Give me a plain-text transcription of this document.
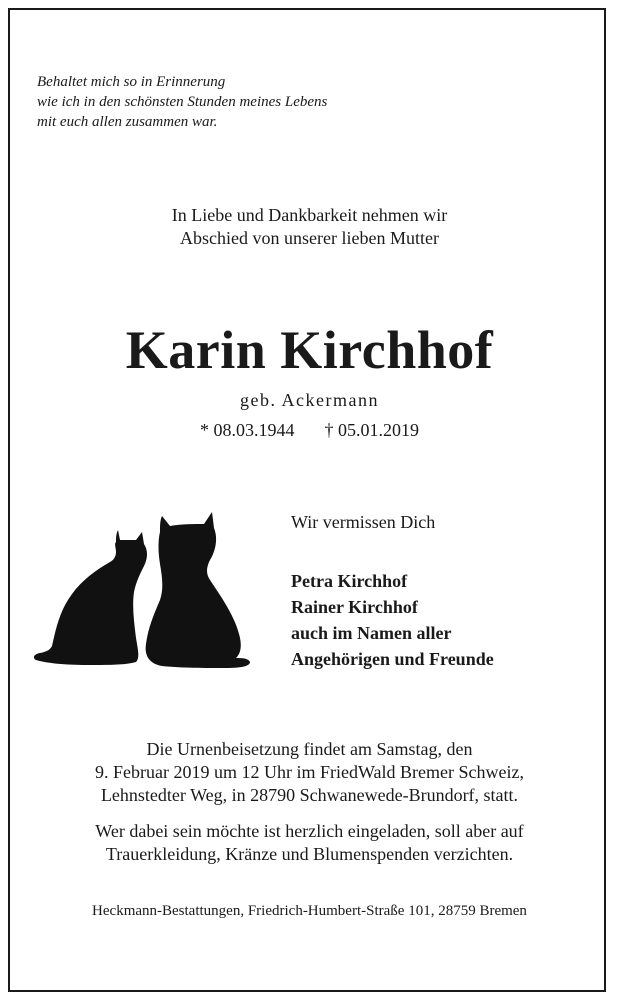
Behaltet mich so in Erinnerung
wie ich in den schönsten Stunden meines Lebens
mit euch allen zusammen war.
In Liebe und Dankbarkeit nehmen wir
Abschied von unserer lieben Mutter
Karin Kirchhof
geb. Ackermann
* 08.03.1944 † 05.01.2019
Wir vermissen Dich
Petra Kirchhof
Rainer Kirchhof
auch im Namen aller
Angehörigen und Freunde
Die Urnenbeisetzung findet am Samstag, den
9. Februar 2019 um 12 Uhr im FriedWald Bremer Schweiz,
Lehnstedter Weg, in 28790 Schwanewede-Brundorf, statt.
Wer dabei sein möchte ist herzlich eingeladen, soll aber auf
Trauerkleidung, Kränze und Blumenspenden verzichten.
Heckmann-Bestattungen, Friedrich-Humbert-Straße 101, 28759 Bremen
